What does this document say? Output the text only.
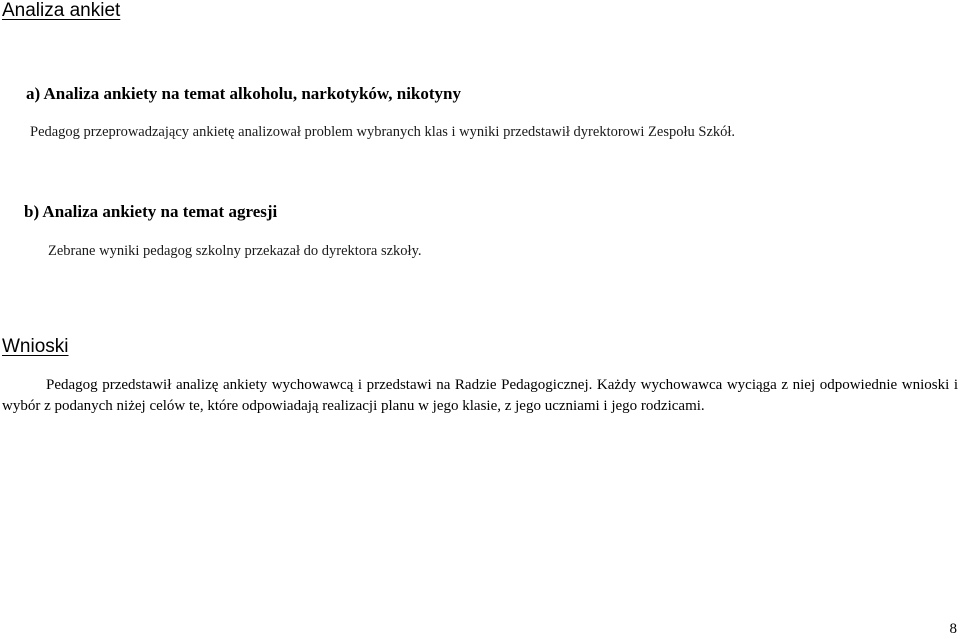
Analiza ankiet
a) Analiza ankiety na temat alkoholu, narkotyków, nikotyny
Pedagog przeprowadzający ankietę analizował problem wybranych klas i wyniki przedstawił dyrektorowi Zespołu Szkół.
b) Analiza ankiety na temat agresji
Zebrane wyniki pedagog szkolny przekazał do dyrektora szkoły.
Wnioski
Pedagog przedstawił analizę ankiety wychowawcą i przedstawi na Radzie Pedagogicznej. Każdy wychowawca wyciąga z niej odpowiednie wnioski i wybór z podanych niżej celów te, które odpowiadają realizacji planu w jego klasie, z jego uczniami i jego rodzicami.
8
